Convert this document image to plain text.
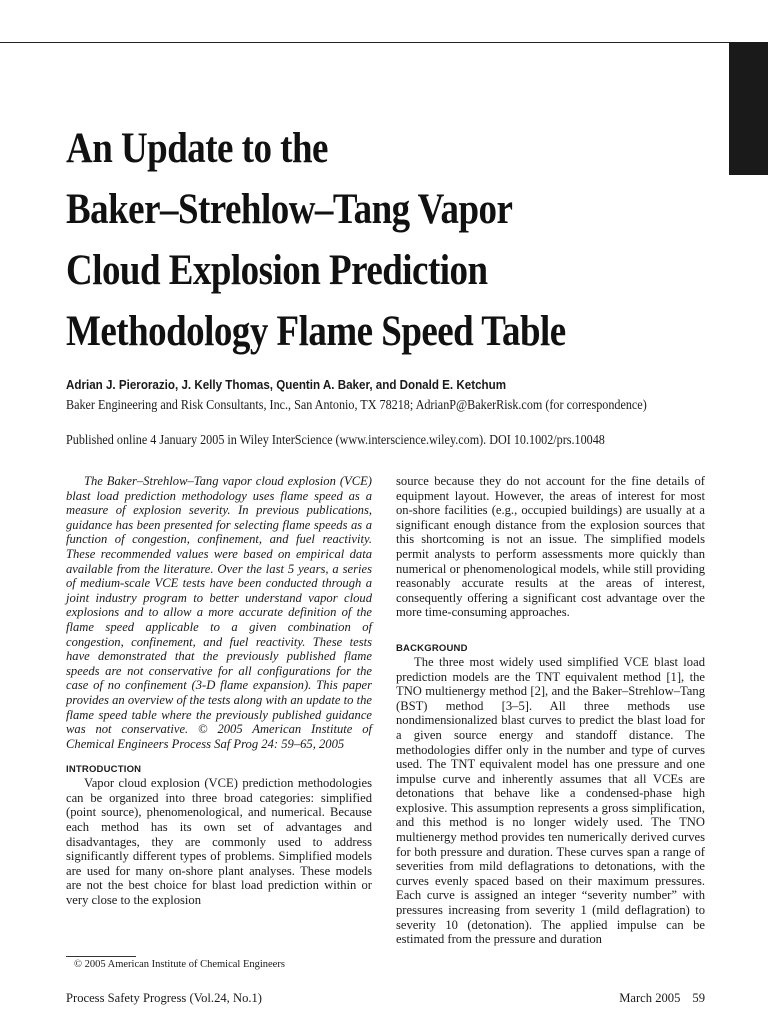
An Update to the
Baker–Strehlow–Tang Vapor
Cloud Explosion Prediction
Methodology Flame Speed Table

Adrian J. Pierorazio, J. Kelly Thomas, Quentin A. Baker, and Donald E. Ketchum

Baker Engineering and Risk Consultants, Inc., San Antonio, TX 78218; AdrianP@BakerRisk.com (for correspondence)

Published online 4 January 2005 in Wiley InterScience (www.interscience.wiley.com). DOI 10.1002/prs.10048

The Baker–Strehlow–Tang vapor cloud explosion (VCE) blast load prediction methodology uses flame speed as a measure of explosion severity. In previous publications, guidance has been presented for selecting flame speeds as a function of congestion, confinement, and fuel reactivity. These recommended values were based on empirical data available from the literature. Over the last 5 years, a series of medium-scale VCE tests have been conducted through a joint industry program to better understand vapor cloud explosions and to allow a more accurate definition of the flame speed applicable to a given combination of congestion, confinement, and fuel reactivity. These tests have demonstrated that the previously published flame speeds are not conservative for all configurations for the case of no confinement (3-D flame expansion). This paper provides an overview of the tests along with an update to the flame speed table where the previously published guidance was not conservative. © 2005 American Institute of Chemical Engineers Process Saf Prog 24: 59–65, 2005

INTRODUCTION

Vapor cloud explosion (VCE) prediction methodologies can be organized into three broad categories: simplified (point source), phenomenological, and numerical. Because each method has its own set of advantages and disadvantages, they are commonly used to address significantly different types of problems. Simplified models are used for many on-shore plant analyses. These models are not the best choice for blast load prediction within or very close to the explosion

source because they do not account for the fine details of equipment layout. However, the areas of interest for most on-shore facilities (e.g., occupied buildings) are usually at a significant enough distance from the explosion sources that this shortcoming is not an issue. The simplified models permit analysts to perform assessments more quickly than numerical or phenomenological models, while still providing reasonably accurate results at the areas of interest, consequently offering a significant cost advantage over the more time-consuming approaches.

BACKGROUND

The three most widely used simplified VCE blast load prediction models are the TNT equivalent method [1], the TNO multienergy method [2], and the Baker–Strehlow–Tang (BST) method [3–5]. All three methods use nondimensionalized blast curves to predict the blast load for a given source energy and standoff distance. The methodologies differ only in the number and type of curves used. The TNT equivalent model has one pressure and one impulse curve and inherently assumes that all VCEs are detonations that behave like a condensed-phase high explosive. This assumption represents a gross simplification, and this method is no longer widely used. The TNO multienergy method provides ten numerically derived curves for both pressure and duration. These curves span a range of severities from mild deflagrations to detonations, with the curves evenly spaced based on their maximum pressures. Each curve is assigned an integer “severity number” with pressures increasing from severity 1 (mild deflagration) to severity 10 (detonation). The applied impulse can be estimated from the pressure and duration

© 2005 American Institute of Chemical Engineers

Process Safety Progress (Vol.24, No.1)	March 2005 59
